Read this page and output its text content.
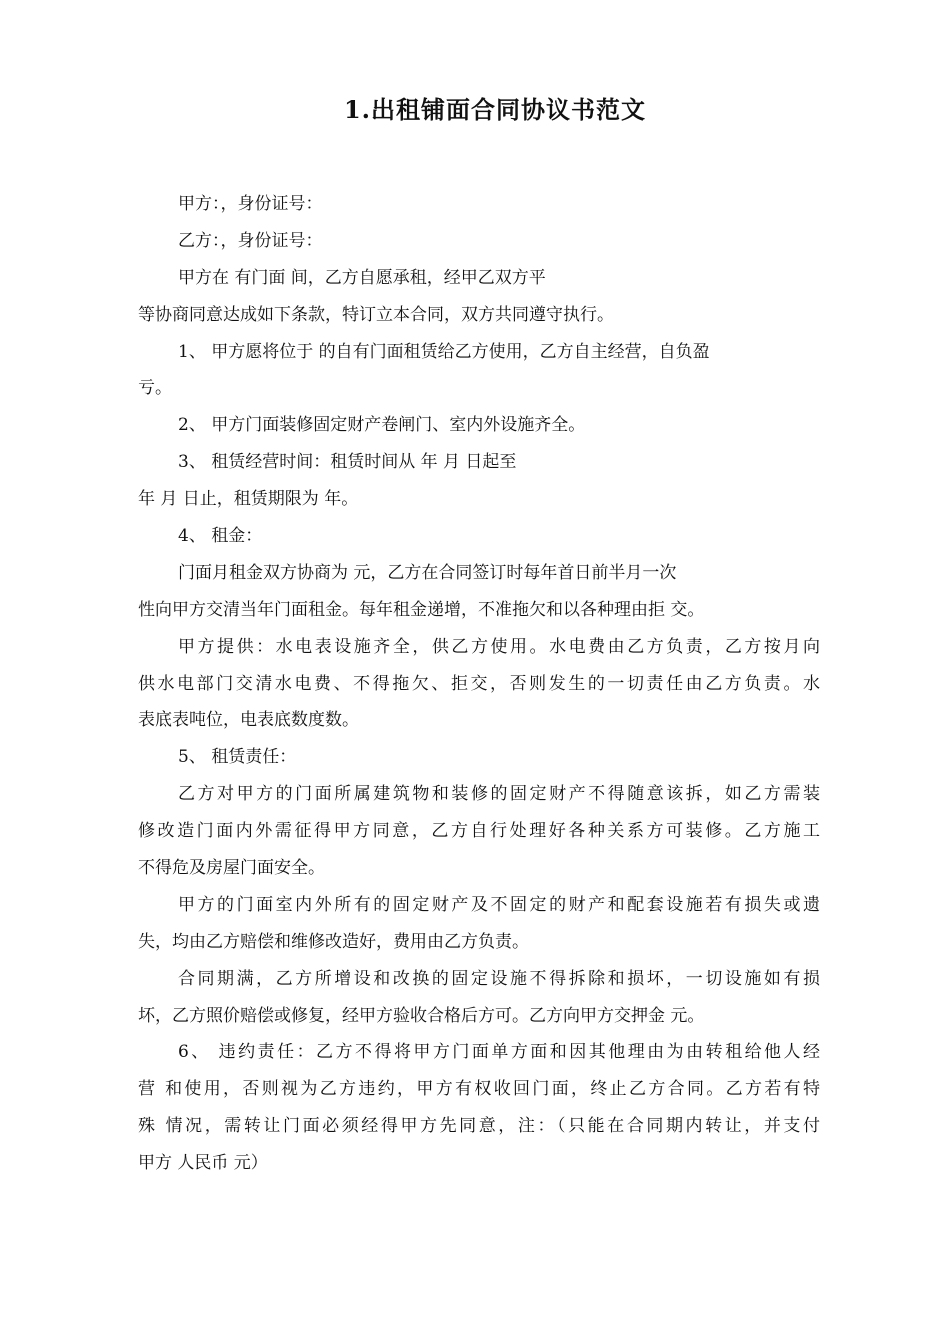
1.出租铺面合同协议书范文
甲方：，身份证号：
乙方：，身份证号：
甲方在 有门面 间，乙方自愿承租，经甲乙双方平
等协商同意达成如下条款，特订立本合同，双方共同遵守执行。
1、 甲方愿将位于 的自有门面租赁给乙方使用，乙方自主经营，自负盈
亏。
2、 甲方门面装修固定财产卷闸门、室内外设施齐全。
3、 租赁经营时间：租赁时间从 年 月 日起至
年 月 日止，租赁期限为 年。
4、 租金：
门面月租金双方协商为 元，乙方在合同签订时每年首日前半月一次
性向甲方交清当年门面租金。每年租金递增，不准拖欠和以各种理由拒 交。
甲方提供：水电表设施齐全，供乙方使用。水电费由乙方负责，乙方按月向
供水电部门交清水电费、不得拖欠、拒交，否则发生的一切责任由乙方负责。水
表底表吨位，电表底数度数。
5、 租赁责任：
乙方对甲方的门面所属建筑物和装修的固定财产不得随意该拆，如乙方需装
修改造门面内外需征得甲方同意，乙方自行处理好各种关系方可装修。乙方施工
不得危及房屋门面安全。
甲方的门面室内外所有的固定财产及不固定的财产和配套设施若有损失或遗
失，均由乙方赔偿和维修改造好，费用由乙方负责。
合同期满，乙方所增设和改换的固定设施不得拆除和损坏，一切设施如有损
坏，乙方照价赔偿或修复，经甲方验收合格后方可。乙方向甲方交押金 元。
6、 违约责任：乙方不得将甲方门面单方面和因其他理由为由转租给他人经
营 和使用，否则视为乙方违约，甲方有权收回门面，终止乙方合同。乙方若有特
殊 情况，需转让门面必须经得甲方先同意，注：（只能在合同期内转让，并支付
甲方 人民币 元）
